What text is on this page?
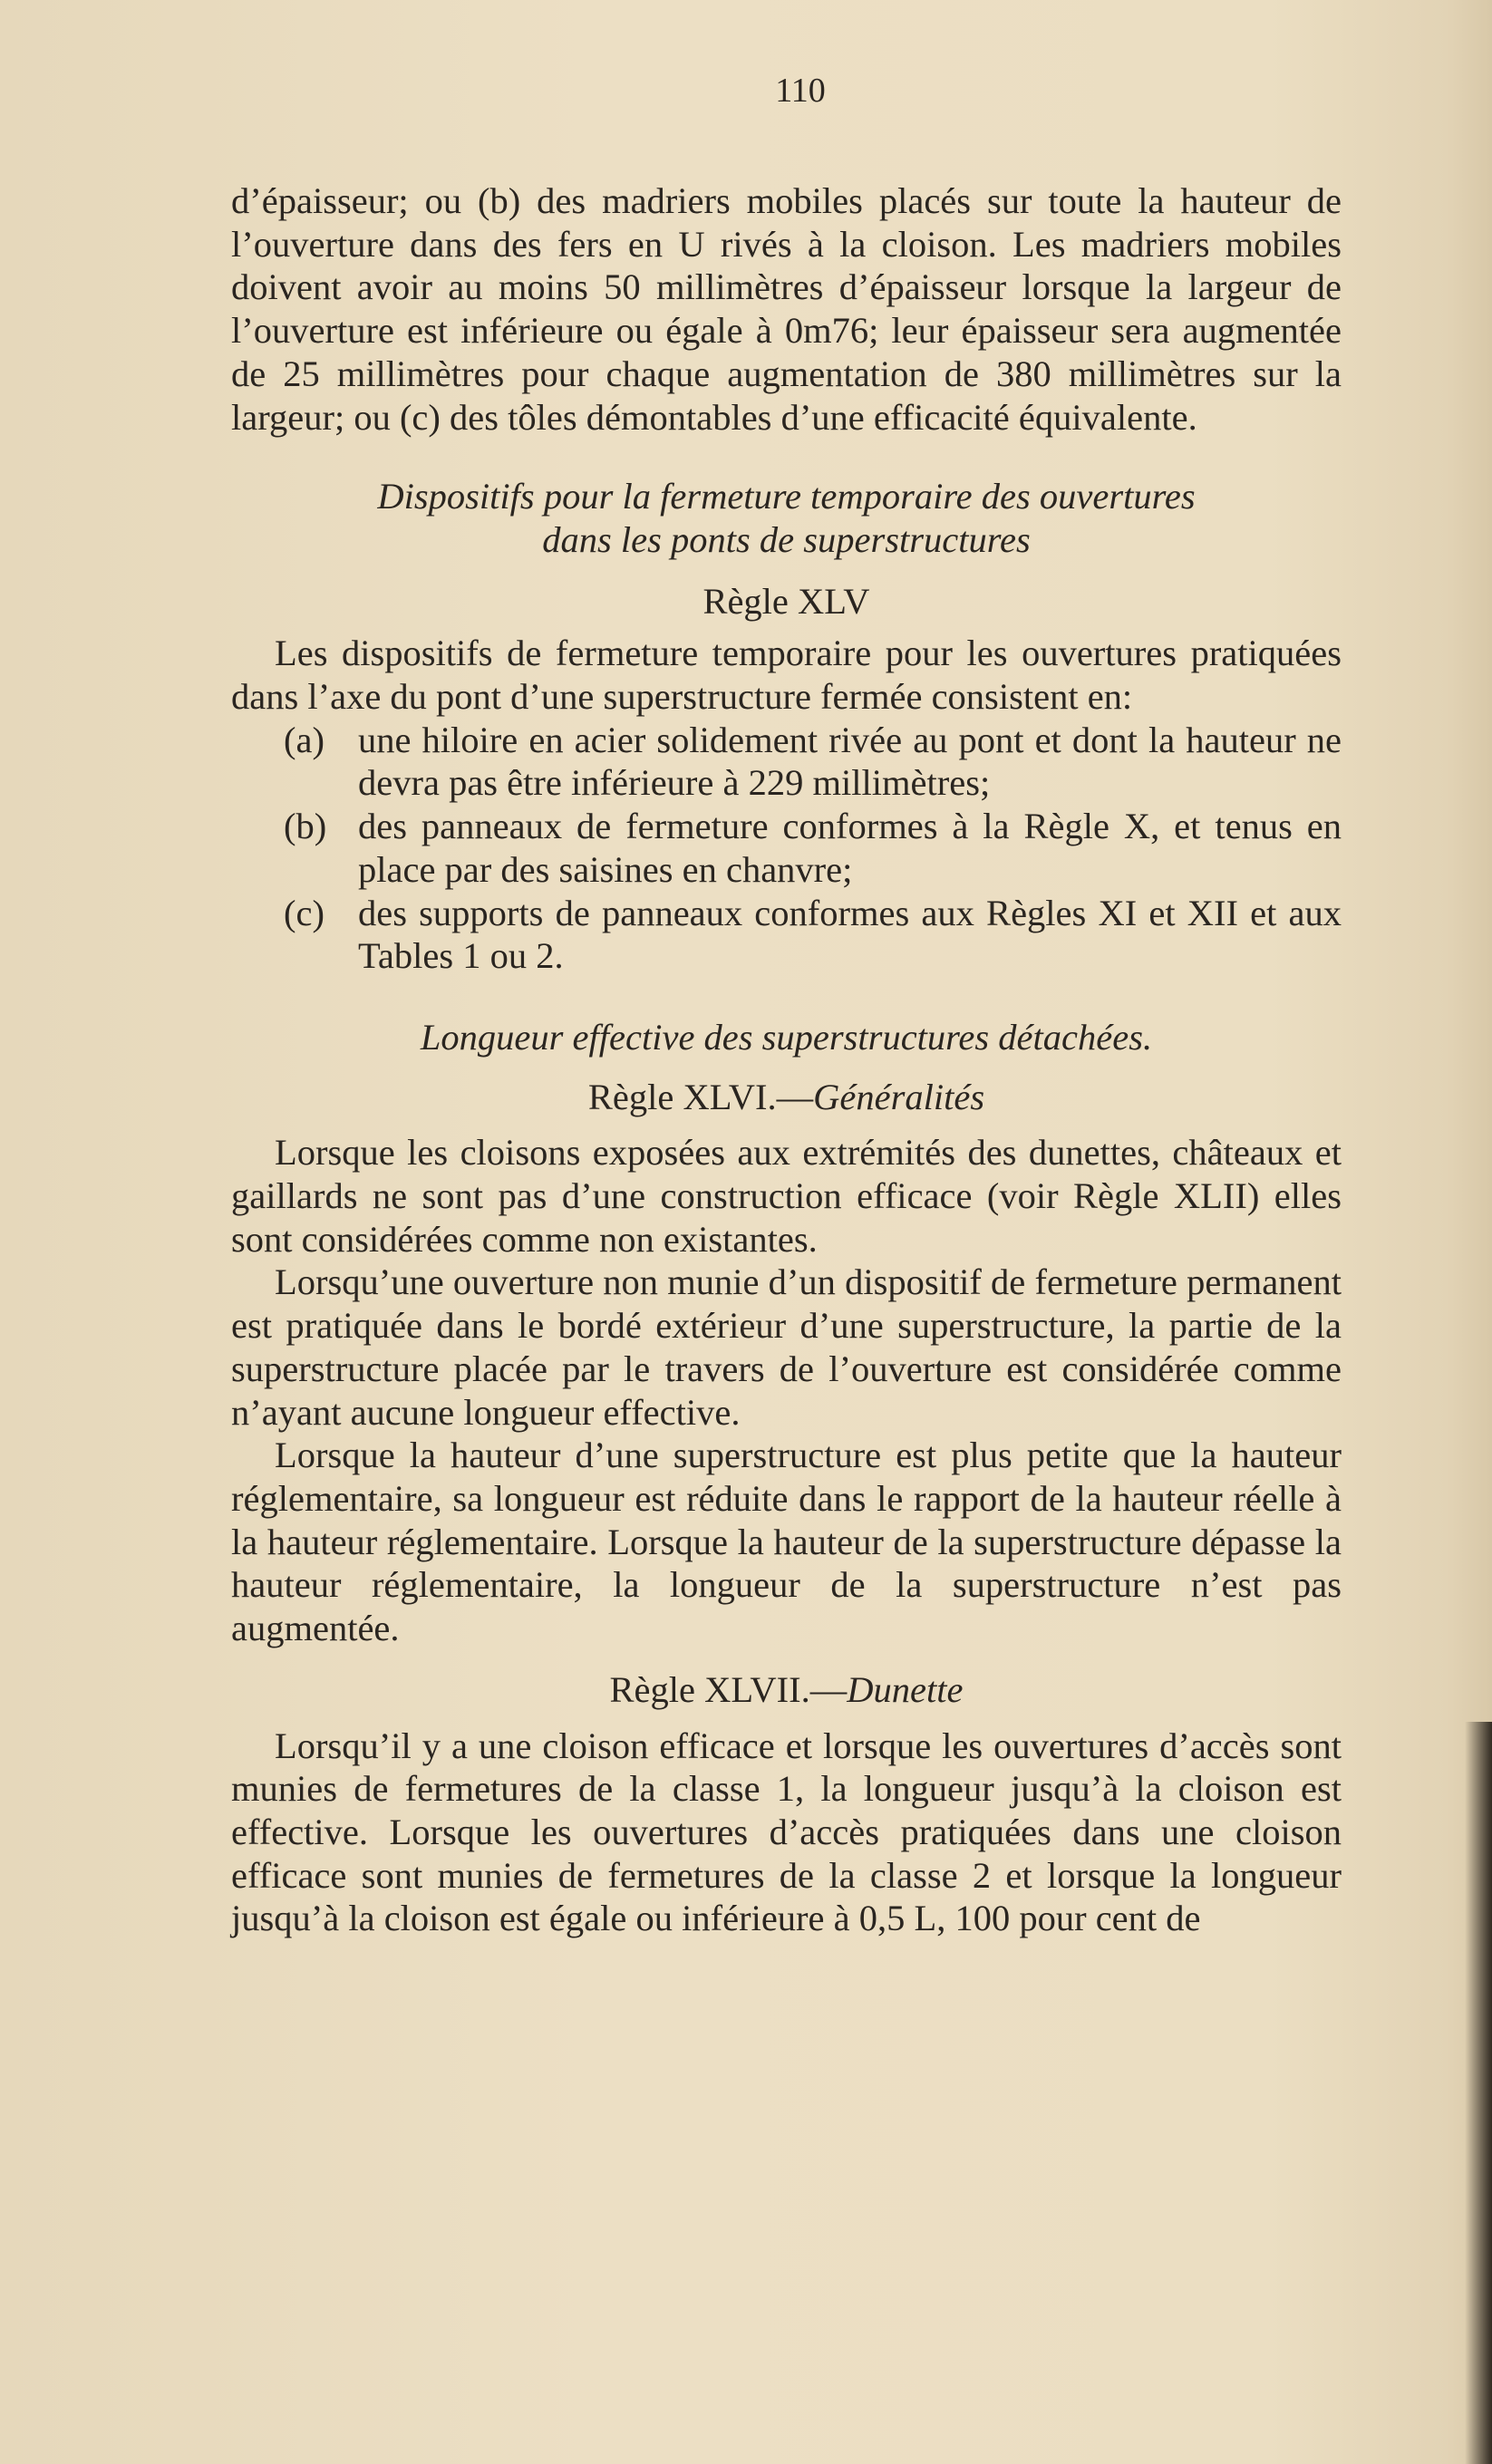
110

d’épaisseur; ou (b) des madriers mobiles placés sur toute la hauteur de l’ouverture dans des fers en U rivés à la cloison. Les madriers mobiles doivent avoir au moins 50 millimètres d’épaisseur lorsque la largeur de l’ouverture est inférieure ou égale à 0m76; leur épaisseur sera augmentée de 25 millimètres pour chaque augmentation de 380 millimètres sur la largeur; ou (c) des tôles démontables d’une efficacité équivalente.

Dispositifs pour la fermeture temporaire des ouvertures
dans les ponts de superstructures
Règle XLV

Les dispositifs de fermeture temporaire pour les ouvertures pratiquées dans l’axe du pont d’une superstructure fermée consistent en:

(a) une hiloire en acier solidement rivée au pont et dont la hauteur ne devra pas être inférieure à 229 millimètres;
(b) des panneaux de fermeture conformes à la Règle X, et tenus en place par des saisines en chanvre;
(c) des supports de panneaux conformes aux Règles XI et XII et aux Tables 1 ou 2.
Longueur effective des superstructures détachées.
Règle XLVI.—Généralités

Lorsque les cloisons exposées aux extrémités des dunettes, châteaux et gaillards ne sont pas d’une construction efficace (voir Règle XLII) elles sont considérées comme non existantes.

Lorsqu’une ouverture non munie d’un dispositif de fermeture permanent est pratiquée dans le bordé extérieur d’une superstructure, la partie de la superstructure placée par le travers de l’ouverture est considérée comme n’ayant aucune longueur effective.

Lorsque la hauteur d’une superstructure est plus petite que la hauteur réglementaire, sa longueur est réduite dans le rapport de la hauteur réelle à la hauteur réglementaire. Lorsque la hauteur de la superstructure dépasse la hauteur réglementaire, la longueur de la superstructure n’est pas augmentée.

Règle XLVII.—Dunette

Lorsqu’il y a une cloison efficace et lorsque les ouvertures d’accès sont munies de fermetures de la classe 1, la longueur jusqu’à la cloison est effective. Lorsque les ouvertures d’accès pratiquées dans une cloison efficace sont munies de fermetures de la classe 2 et lorsque la longueur jusqu’à la cloison est égale ou inférieure à 0,5 L, 100 pour cent de
